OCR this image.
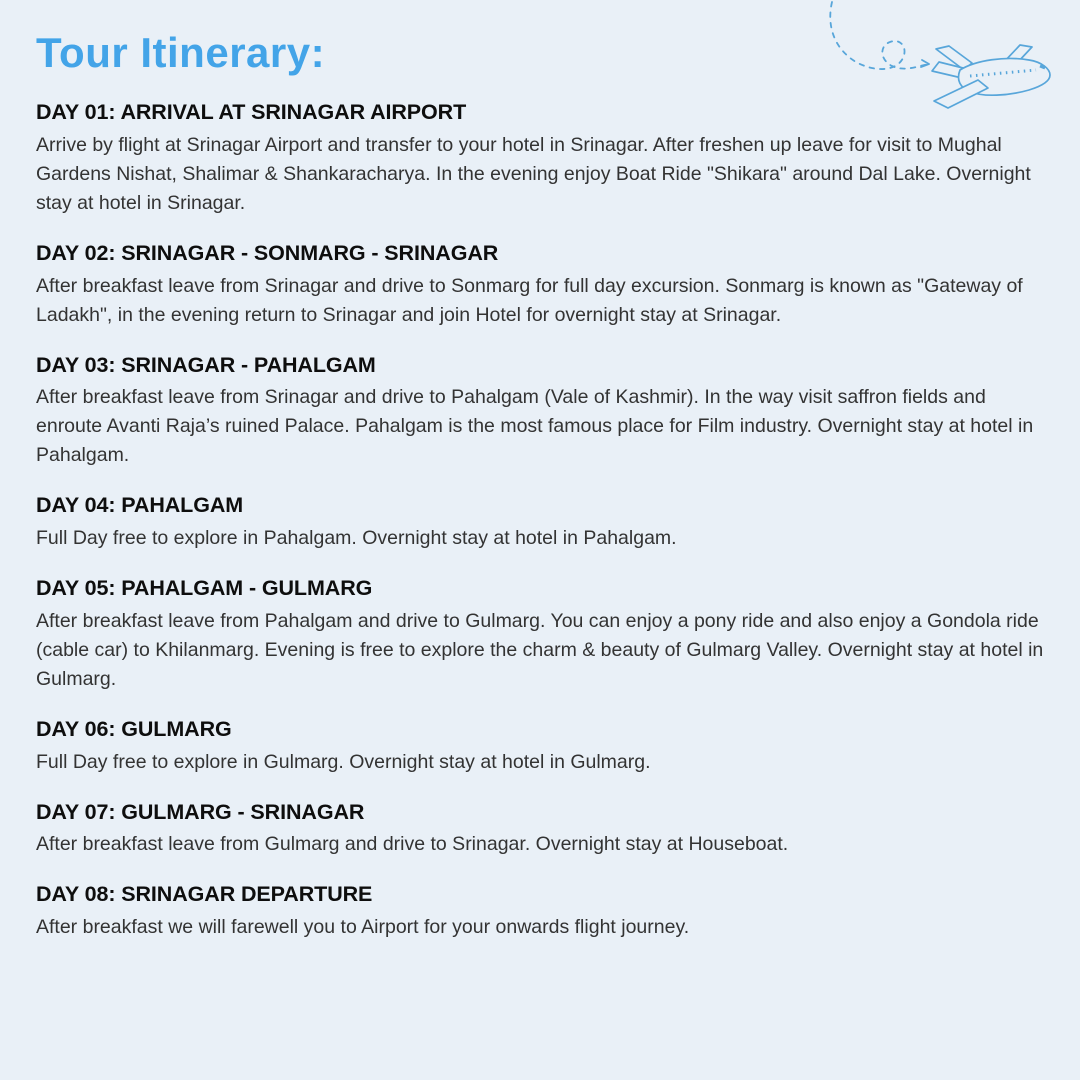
Tour Itinerary:
DAY 01: ARRIVAL AT SRINAGAR AIRPORT

Arrive by flight at Srinagar Airport and transfer to your hotel in Srinagar. After freshen up leave for visit to Mughal Gardens Nishat, Shalimar & Shankaracharya. In the evening enjoy Boat Ride "Shikara" around Dal Lake. Overnight stay at hotel in Srinagar.

DAY 02: SRINAGAR - SONMARG - SRINAGAR

After breakfast leave from Srinagar and drive to Sonmarg for full day excursion. Sonmarg is known as "Gateway of Ladakh", in the evening return to Srinagar and join Hotel for overnight stay at Srinagar.

DAY 03: SRINAGAR - PAHALGAM

After breakfast leave from Srinagar and drive to Pahalgam (Vale of Kashmir). In the way visit saffron fields and enroute Avanti Raja’s ruined Palace. Pahalgam is the most famous place for Film industry. Overnight stay at hotel in Pahalgam.

DAY 04: PAHALGAM

Full Day free to explore in Pahalgam. Overnight stay at hotel in Pahalgam.

DAY 05: PAHALGAM - GULMARG

After breakfast leave from Pahalgam and drive to Gulmarg. You can enjoy a pony ride and also enjoy a Gondola ride (cable car) to Khilanmarg. Evening is free to explore the charm & beauty of Gulmarg Valley. Overnight stay at hotel in Gulmarg.

DAY 06: GULMARG

Full Day free to explore in Gulmarg. Overnight stay at hotel in Gulmarg.

DAY 07: GULMARG - SRINAGAR

After breakfast leave from Gulmarg and drive to Srinagar. Overnight stay at Houseboat.

DAY 08: SRINAGAR DEPARTURE

After breakfast we will farewell you to Airport for your onwards flight journey.
